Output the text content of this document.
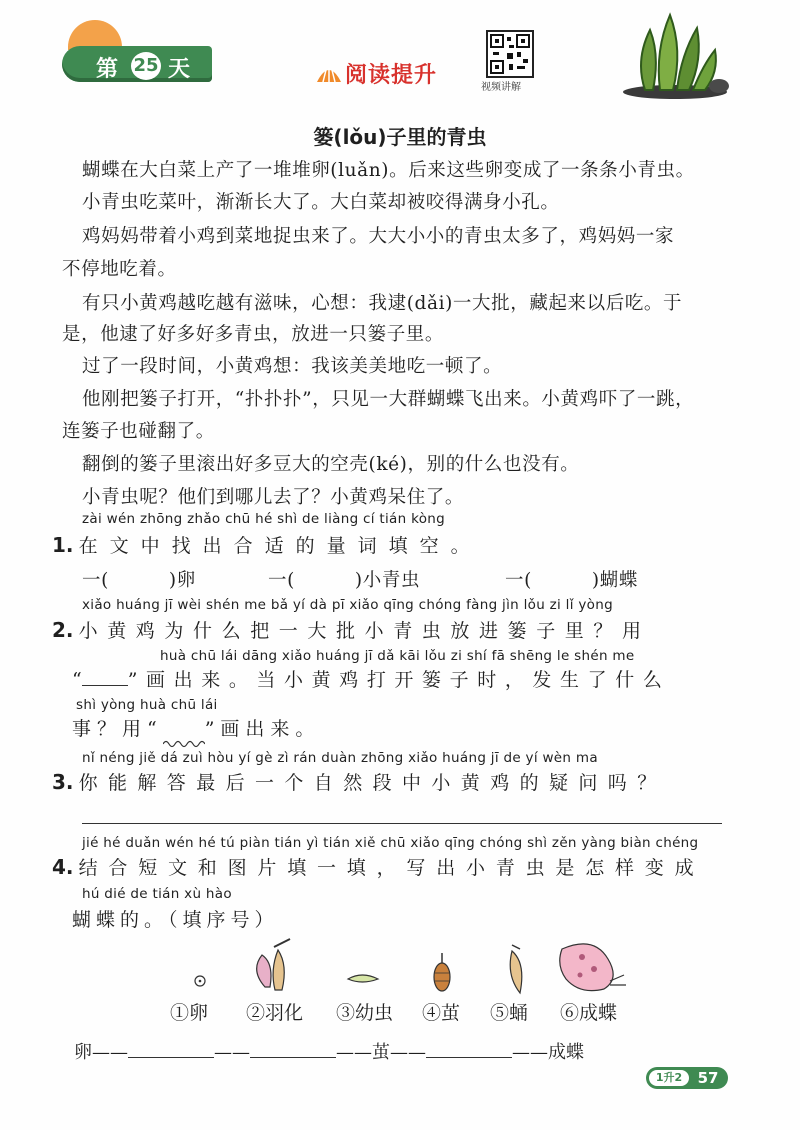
第 25 天	阅读提升	视频讲解
篓(lǒu)子里的青虫
蝴蝶在大白菜上产了一堆堆卵(luǎn)。后来这些卵变成了一条条小青虫。
小青虫吃菜叶，渐渐长大了。大白菜却被咬得满身小孔。
鸡妈妈带着小鸡到菜地捉虫来了。大大小小的青虫太多了，鸡妈妈一家
不停地吃着。
有只小黄鸡越吃越有滋味，心想：我逮(dǎi)一大批，藏起来以后吃。于
是，他逮了好多好多青虫，放进一只篓子里。
过了一段时间，小黄鸡想：我该美美地吃一顿了。
他刚把篓子打开，“扑扑扑”，只见一大群蝴蝶飞出来。小黄鸡吓了一跳，
连篓子也碰翻了。
翻倒的篓子里滚出好多豆大的空壳(ké)，别的什么也没有。
小青虫呢？他们到哪儿去了？小黄鸡呆住了。
zài wén zhōng zhǎo chū hé shì de liàng cí tián kòng
1. 在文中找出合适的量词填空。
一(	)卵	一(	)小青虫	一(	)蝴蝶
xiǎo huáng jī wèi shén me bǎ yí dà pī xiǎo qīng chóng fàng jìn lǒu zi lǐ yòng
2. 小黄鸡为什么把一大批小青虫放进篓子里？用
huà chū lái dāng xiǎo huáng jī dǎ kāi lǒu zi shí fā shēng le shén me
“ ”画出来。当小黄鸡打开篓子时，发生了什么
shì yòng huà chū lái
事？用“ ”画出来。
nǐ néng jiě dá zuì hòu yí gè zì rán duàn zhōng xiǎo huáng jī de yí wèn ma
3. 你能解答最后一个自然段中小黄鸡的疑问吗？
jié hé duǎn wén hé tú piàn tián yì tián xiě chū xiǎo qīng chóng shì zěn yàng biàn chéng
4. 结合短文和图片填一填，写出小青虫是怎样变成
hú dié de tián xù hào
蝴蝶的。（填序号）
①卵 ②羽化 ③幼虫 ④茧 ⑤蛹 ⑥成蝶
卵——	——	——茧——	——成蝶
1升2	57
